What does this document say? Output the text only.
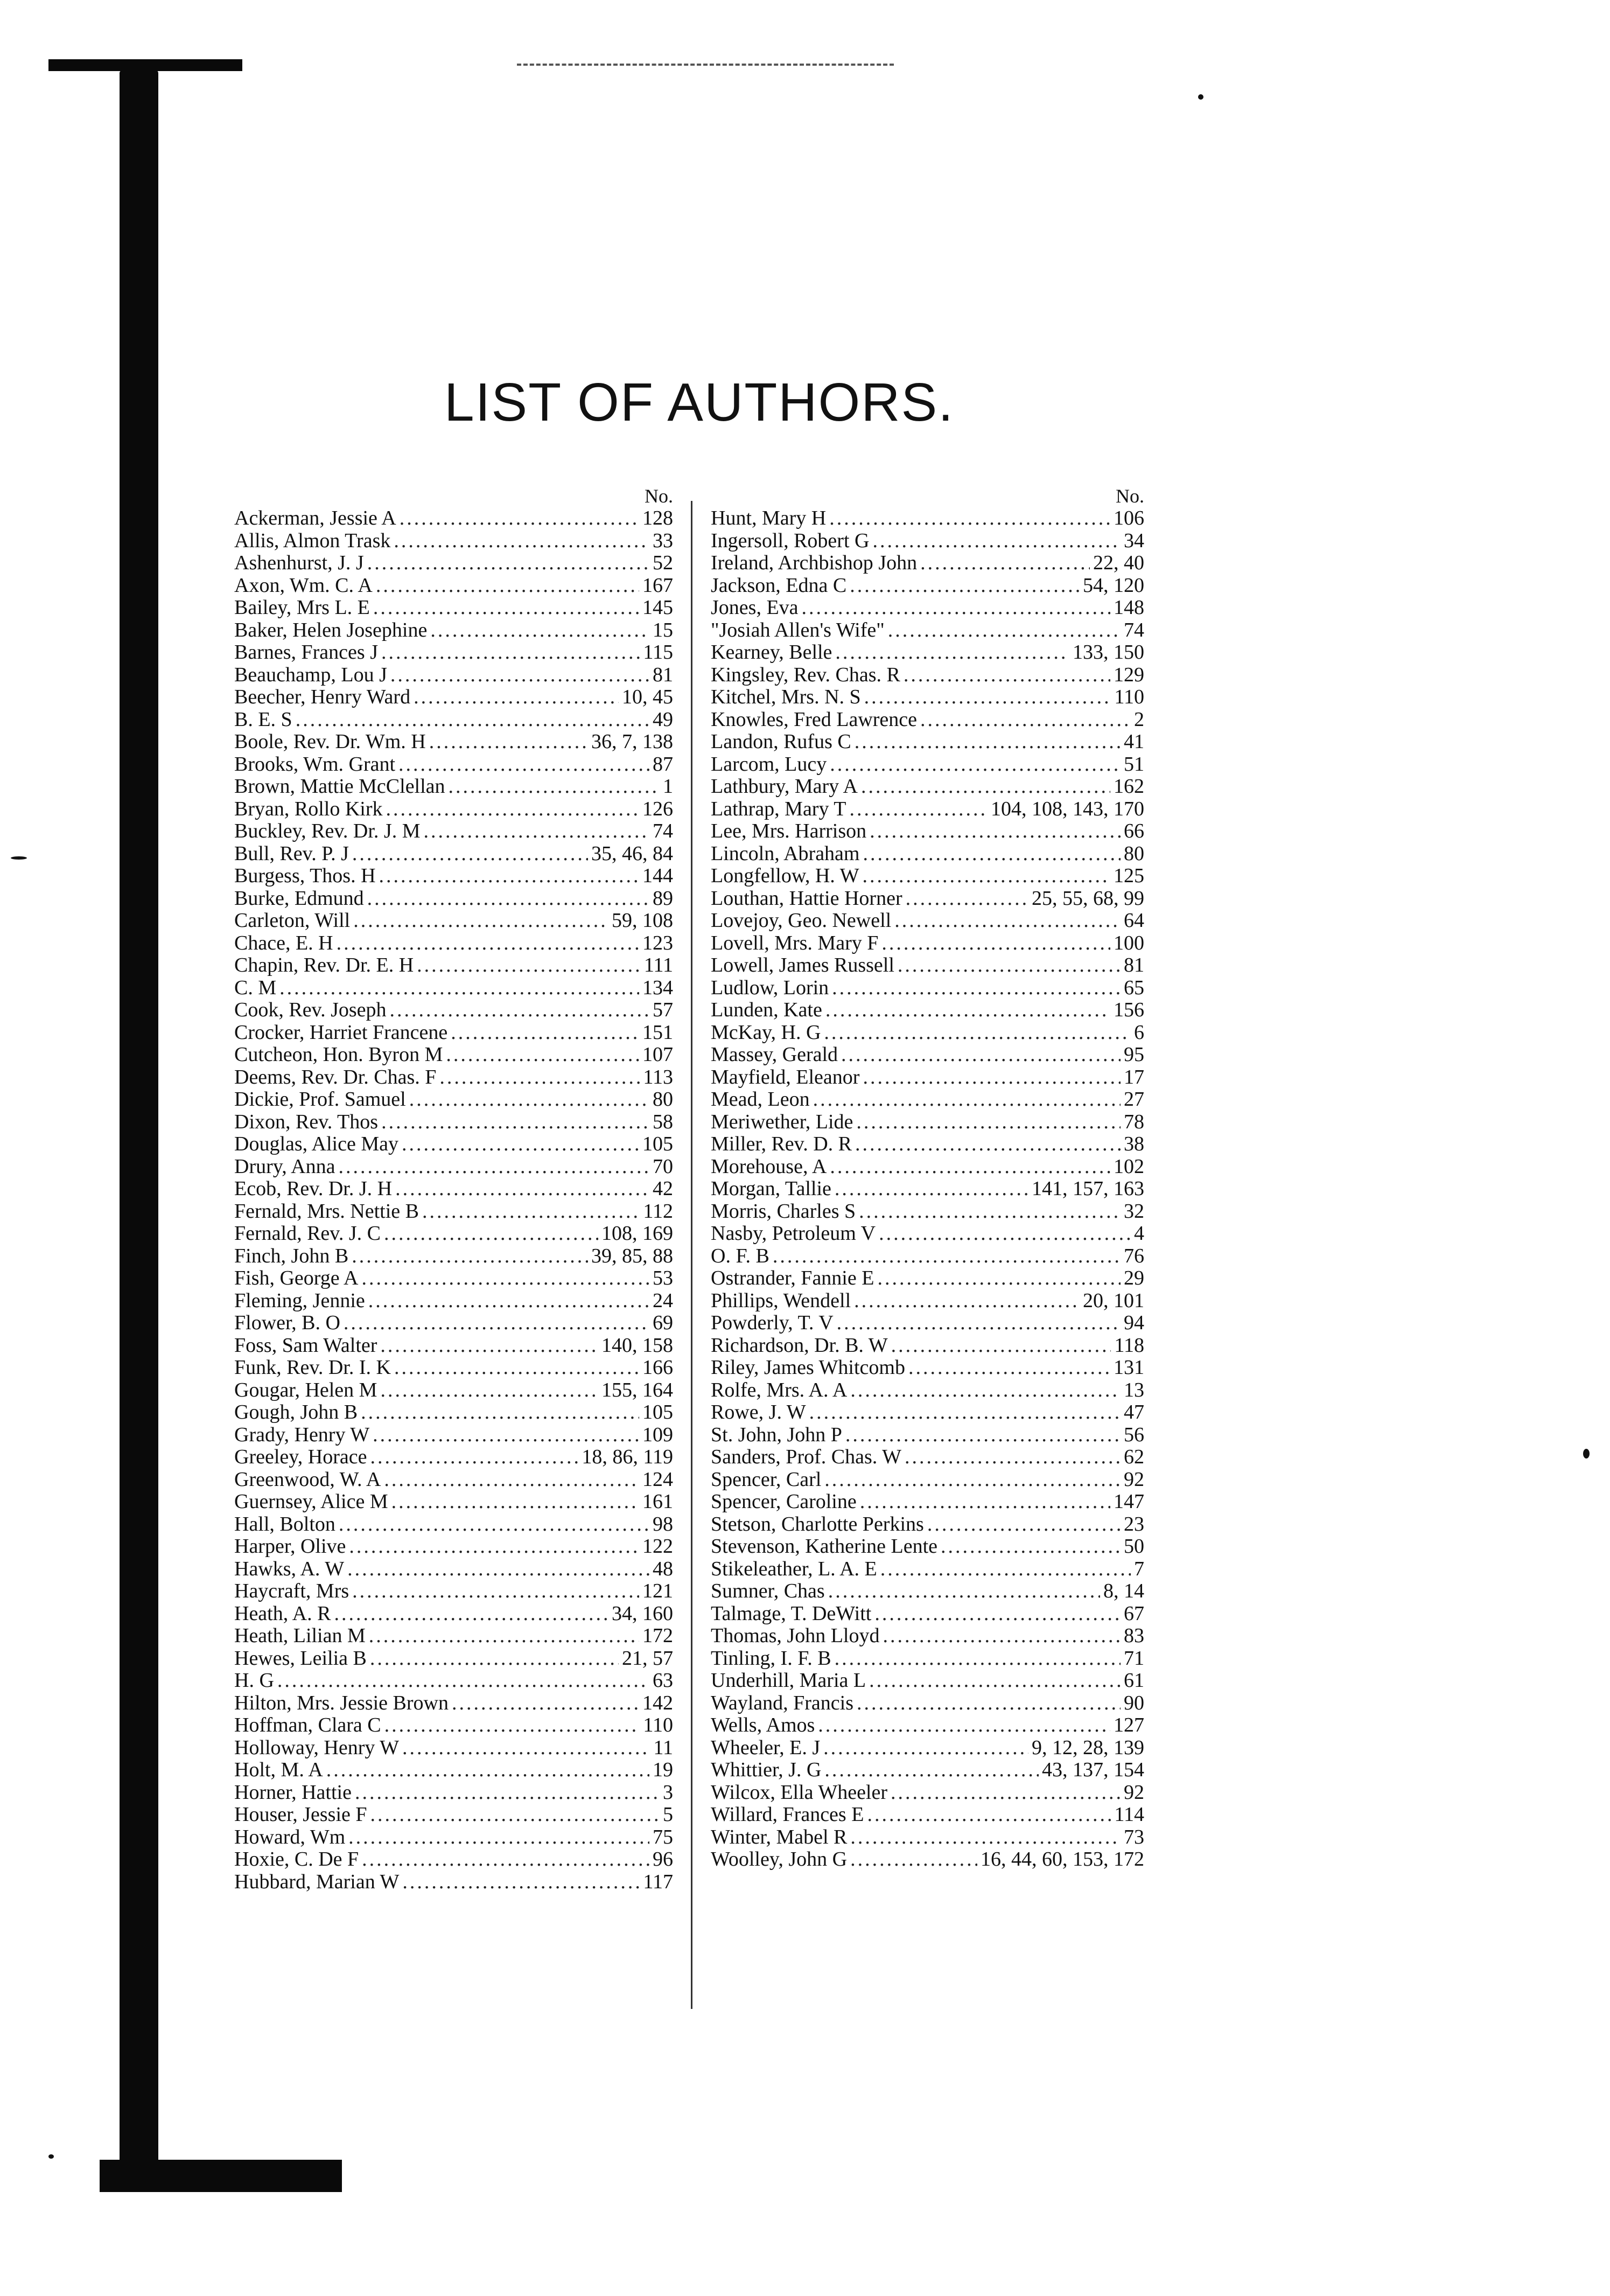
LIST OF AUTHORS.
No.
Ackerman, Jessie A .....	128
Allis, Almon Trask .....	33
Ashenhurst, J. J .....	52
Axon, Wm. C. A .....	167
Bailey, Mrs L. E .....	145
Baker, Helen Josephine .....	15
Barnes, Frances J .....	115
Beauchamp, Lou J .....	81
Beecher, Henry Ward .....	10, 45
B. E. S .....	49
Boole, Rev. Dr. Wm. H .....	36, 7, 138
Brooks, Wm. Grant .....	87
Brown, Mattie McClellan .....	1
Bryan, Rollo Kirk .....	126
Buckley, Rev. Dr. J. M .....	74
Bull, Rev. P. J .....	35, 46, 84
Burgess, Thos. H .....	144
Burke, Edmund .....	89
Carleton, Will .....	59, 108
Chace, E. H .....	123
Chapin, Rev. Dr. E. H .....	111
C. M .....	134
Cook, Rev. Joseph .....	57
Crocker, Harriet Francene .....	151
Cutcheon, Hon. Byron M .....	107
Deems, Rev. Dr. Chas. F .....	113
Dickie, Prof. Samuel .....	80
Dixon, Rev. Thos .....	58
Douglas, Alice May .....	105
Drury, Anna .....	70
Ecob, Rev. Dr. J. H .....	42
Fernald, Mrs. Nettie B .....	112
Fernald, Rev. J. C .....	108, 169
Finch, John B .....	39, 85, 88
Fish, George A .....	53
Fleming, Jennie .....	24
Flower, B. O .....	69
Foss, Sam Walter .....	140, 158
Funk, Rev. Dr. I. K .....	166
Gougar, Helen M .....	155, 164
Gough, John B .....	105
Grady, Henry W .....	109
Greeley, Horace .....	18, 86, 119
Greenwood, W. A .....	124
Guernsey, Alice M .....	161
Hall, Bolton .....	98
Harper, Olive .....	122
Hawks, A. W .....	48
Haycraft, Mrs .....	121
Heath, A. R .....	34, 160
Heath, Lilian M .....	172
Hewes, Leilia B .....	21, 57
H. G .....	63
Hilton, Mrs. Jessie Brown .....	142
Hoffman, Clara C .....	110
Holloway, Henry W .....	11
Holt, M. A .....	19
Horner, Hattie .....	3
Houser, Jessie F .....	5
Howard, Wm .....	75
Hoxie, C. De F .....	96
Hubbard, Marian W .....	117
No.
Hunt, Mary H .....	106
Ingersoll, Robert G .....	34
Ireland, Archbishop John .....	22, 40
Jackson, Edna C .....	54, 120
Jones, Eva .....	148
"Josiah Allen's Wife" .....	74
Kearney, Belle .....	133, 150
Kingsley, Rev. Chas. R .....	129
Kitchel, Mrs. N. S .....	110
Knowles, Fred Lawrence .....	2
Landon, Rufus C .....	41
Larcom, Lucy .....	51
Lathbury, Mary A .....	162
Lathrap, Mary T .....	104, 108, 143, 170
Lee, Mrs. Harrison .....	66
Lincoln, Abraham .....	80
Longfellow, H. W .....	125
Louthan, Hattie Horner .....	25, 55, 68, 99
Lovejoy, Geo. Newell .....	64
Lovell, Mrs. Mary F .....	100
Lowell, James Russell .....	81
Ludlow, Lorin .....	65
Lunden, Kate .....	156
McKay, H. G .....	6
Massey, Gerald .....	95
Mayfield, Eleanor .....	17
Mead, Leon .....	27
Meriwether, Lide .....	78
Miller, Rev. D. R .....	38
Morehouse, A .....	102
Morgan, Tallie .....	141, 157, 163
Morris, Charles S .....	32
Nasby, Petroleum V .....	4
O. F. B .....	76
Ostrander, Fannie E .....	29
Phillips, Wendell .....	20, 101
Powderly, T. V .....	94
Richardson, Dr. B. W .....	118
Riley, James Whitcomb .....	131
Rolfe, Mrs. A. A .....	13
Rowe, J. W .....	47
St. John, John P .....	56
Sanders, Prof. Chas. W .....	62
Spencer, Carl .....	92
Spencer, Caroline .....	147
Stetson, Charlotte Perkins .....	23
Stevenson, Katherine Lente .....	50
Stikeleather, L. A. E .....	7
Sumner, Chas .....	8, 14
Talmage, T. DeWitt .....	67
Thomas, John Lloyd .....	83
Tinling, I. F. B .....	71
Underhill, Maria L .....	61
Wayland, Francis .....	90
Wells, Amos .....	127
Wheeler, E. J .....	9, 12, 28, 139
Whittier, J. G .....	43, 137, 154
Wilcox, Ella Wheeler .....	92
Willard, Frances E .....	114
Winter, Mabel R .....	73
Woolley, John G .....	16, 44, 60, 153, 172
